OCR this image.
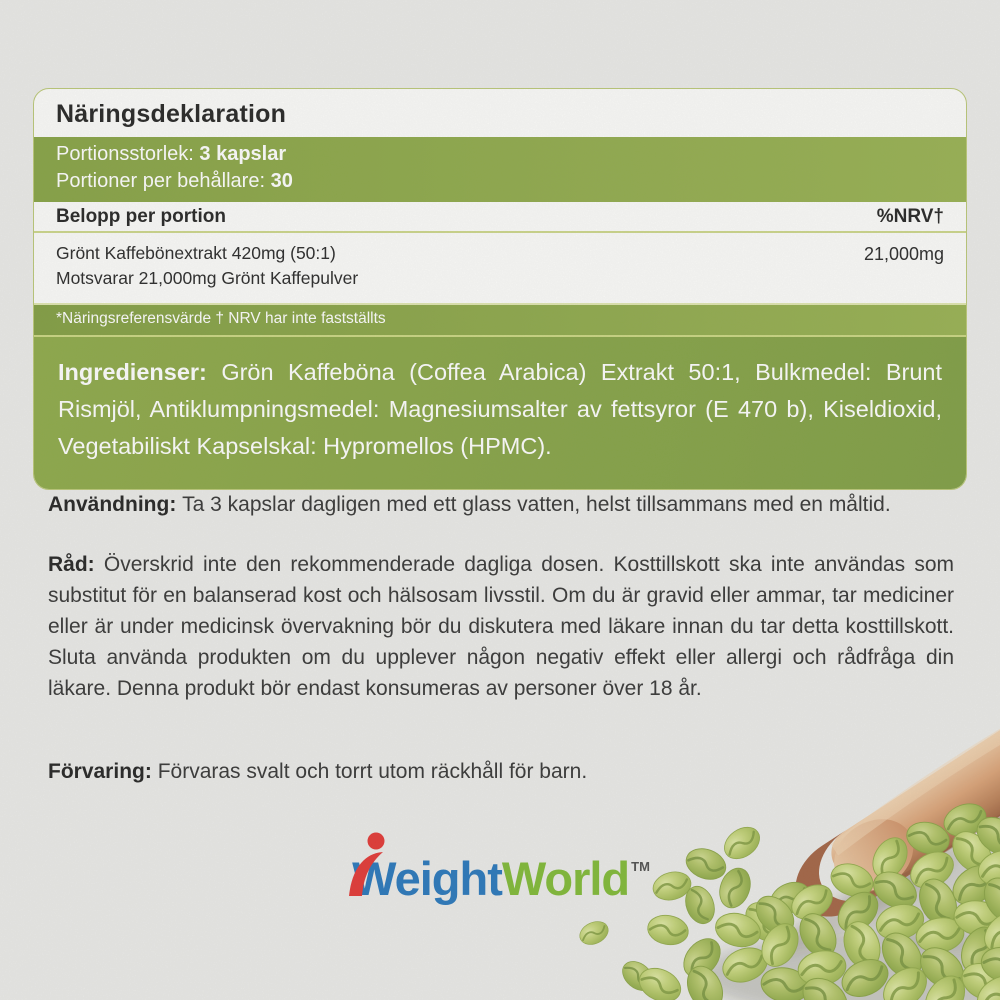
Näringsdeklaration
Portionsstorlek: 3 kapslar
Portioner per behållare: 30
Belopp per portion	%NRV†
Grönt Kaffebönextrakt 420mg (50:1)
Motsvarar 21,000mg Grönt Kaffepulver
21,000mg
*Näringsreferensvärde † NRV har inte fastställts
Ingredienser: Grön Kaffeböna (Coffea Arabica) Extrakt 50:1, Bulkmedel: Brunt Rismjöl, Antiklumpningsmedel: Magnesiumsalter av fettsyror (E 470 b), Kiseldioxid, Vegetabiliskt Kapselskal: Hypromellos (HPMC).

Användning: Ta 3 kapslar dagligen med ett glass vatten, helst tillsammans med en måltid.

Råd: Överskrid inte den rekommenderade dagliga dosen. Kosttillskott ska inte användas som substitut för en balanserad kost och hälsosam livsstil. Om du är gravid eller ammar, tar mediciner eller är under medicinsk övervakning bör du diskutera med läkare innan du tar detta kosttillskott. Sluta använda produkten om du upplever någon negativ effekt eller allergi och rådfråga din läkare. Denna produkt bör endast konsumeras av personer över 18 år.

Förvaring: Förvaras svalt och torrt utom räckhåll för barn.

WeightWorld ™
